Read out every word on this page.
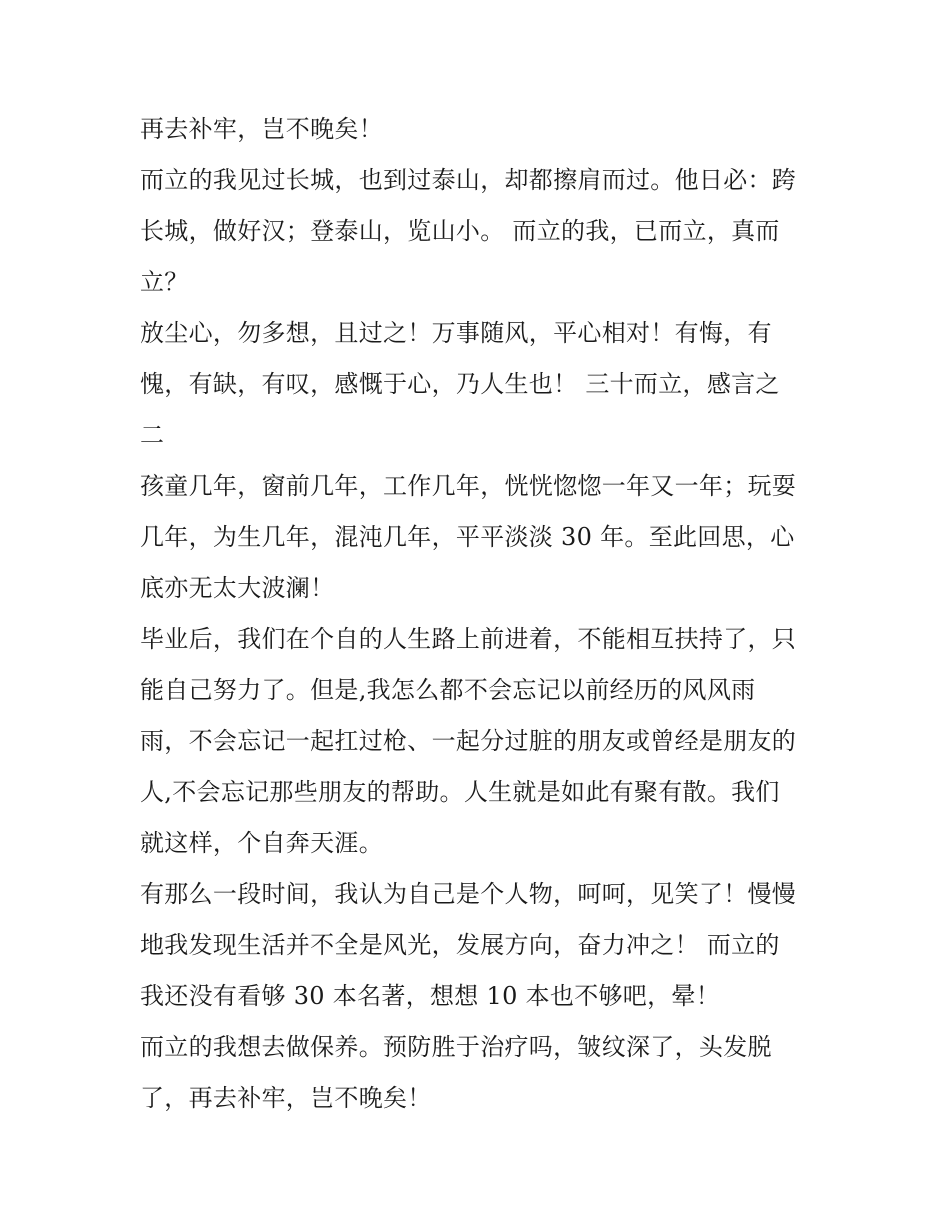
再去补牢，岂不晚矣！
而立的我见过长城，也到过泰山，却都擦肩而过。他日必：跨
长城，做好汉；登泰山，览山小。 而立的我，已而立，真而
立？
放尘心，勿多想，且过之！万事随风，平心相对！有悔，有
愧，有缺，有叹，感慨于心，乃人生也！ 三十而立，感言之
二
孩童几年，窗前几年，工作几年，恍恍惚惚一年又一年；玩耍
几年，为生几年，混沌几年，平平淡淡 30 年。至此回思，心
底亦无太大波澜！
毕业后，我们在个自的人生路上前进着，不能相互扶持了，只
能自己努力了。但是,我怎么都不会忘记以前经历的风风雨
雨，不会忘记一起扛过枪、一起分过脏的朋友或曾经是朋友的
人,不会忘记那些朋友的帮助。人生就是如此有聚有散。我们
就这样，个自奔天涯。
有那么一段时间，我认为自己是个人物，呵呵，见笑了！慢慢
地我发现生活并不全是风光，发展方向，奋力冲之！ 而立的
我还没有看够 30 本名著，想想 10 本也不够吧，晕！
而立的我想去做保养。预防胜于治疗吗，皱纹深了，头发脱
了，再去补牢，岂不晚矣！
